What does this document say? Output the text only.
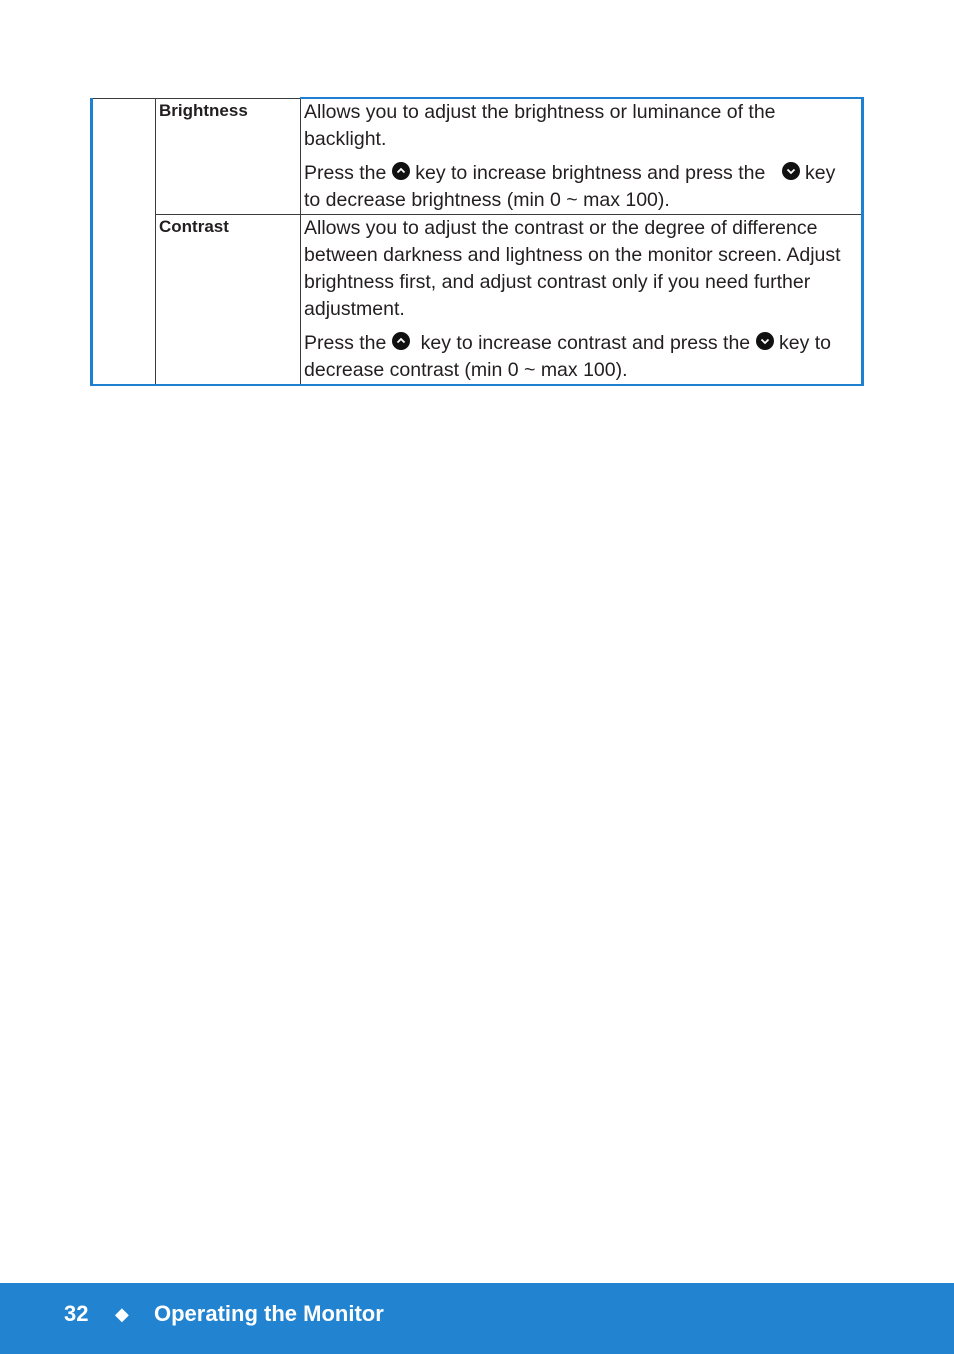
	Brightness	Allows you to adjust the brightness or luminance of the backlight.

Press the key to increase brightness and press the key to decrease brightness (min 0 ~ max 100).

	Contrast	Allows you to adjust the contrast or the degree of difference between darkness and lightness on the monitor screen. Adjust brightness first, and adjust contrast only if you need further adjustment.

Press the key to increase contrast and press the key to decrease contrast (min 0 ~ max 100).

32 ◆ Operating the Monitor
